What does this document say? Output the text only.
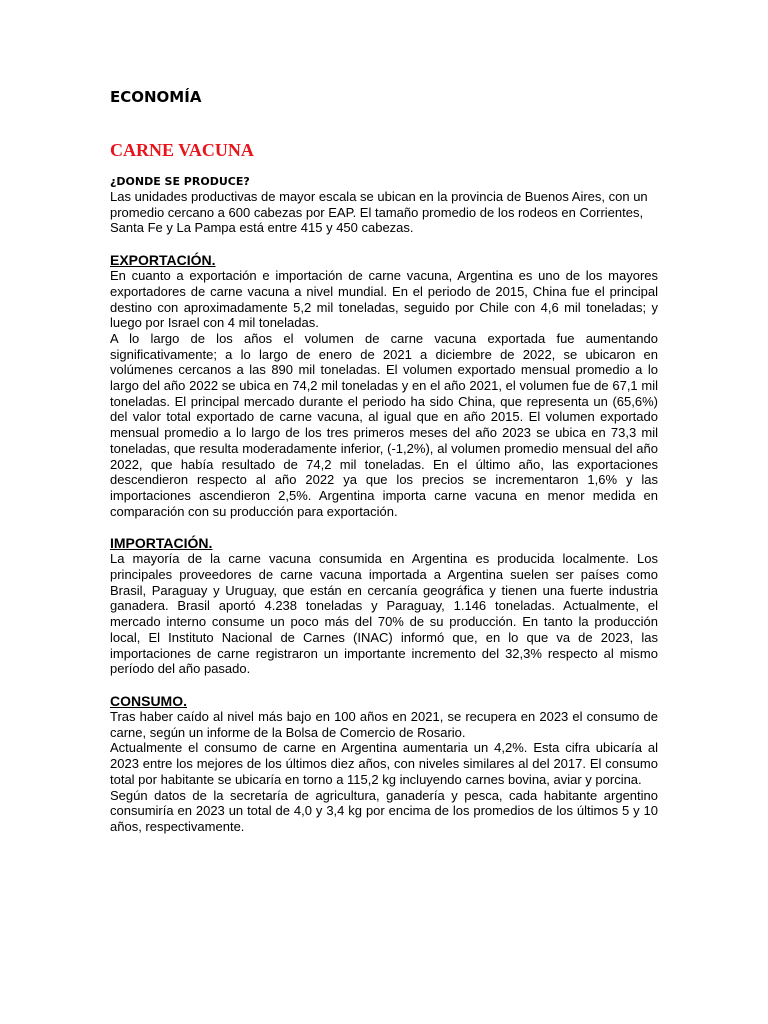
ECONOMÍA
CARNE VACUNA
¿DONDE SE PRODUCE?

Las unidades productivas de mayor escala se ubican en la provincia de Buenos Aires, con un promedio cercano a 600 cabezas por EAP. El tamaño promedio de los rodeos en Corrientes, Santa Fe y La Pampa está entre 415 y 450 cabezas.

EXPORTACIÓN.

En cuanto a exportación e importación de carne vacuna, Argentina es uno de los mayores exportadores de carne vacuna a nivel mundial. En el periodo de 2015, China fue el principal destino con aproximadamente 5,2 mil toneladas, seguido por Chile con 4,6 mil toneladas; y luego por Israel con 4 mil toneladas.

A lo largo de los años el volumen de carne vacuna exportada fue aumentando significativamente; a lo largo de enero de 2021 a diciembre de 2022, se ubicaron en volúmenes cercanos a las 890 mil toneladas. El volumen exportado mensual promedio a lo largo del año 2022 se ubica en 74,2 mil toneladas y en el año 2021, el volumen fue de 67,1 mil toneladas. El principal mercado durante el periodo ha sido China, que representa un (65,6%) del valor total exportado de carne vacuna, al igual que en año 2015. El volumen exportado mensual promedio a lo largo de los tres primeros meses del año 2023 se ubica en 73,3 mil toneladas, que resulta moderadamente inferior, (-1,2%), al volumen promedio mensual del año 2022, que había resultado de 74,2 mil toneladas. En el último año, las exportaciones descendieron respecto al año 2022 ya que los precios se incrementaron 1,6% y las importaciones ascendieron 2,5%. Argentina importa carne vacuna en menor medida en comparación con su producción para exportación.

IMPORTACIÓN.

La mayoría de la carne vacuna consumida en Argentina es producida localmente. Los principales proveedores de carne vacuna importada a Argentina suelen ser países como Brasil, Paraguay y Uruguay, que están en cercanía geográfica y tienen una fuerte industria ganadera. Brasil aportó 4.238 toneladas y Paraguay, 1.146 toneladas. Actualmente, el mercado interno consume un poco más del 70% de su producción. En tanto la producción local, El Instituto Nacional de Carnes (INAC) informó que, en lo que va de 2023, las importaciones de carne registraron un importante incremento del 32,3% respecto al mismo período del año pasado.

CONSUMO.

Tras haber caído al nivel más bajo en 100 años en 2021, se recupera en 2023 el consumo de carne, según un informe de la Bolsa de Comercio de Rosario.

Actualmente el consumo de carne en Argentina aumentaria un 4,2%. Esta cifra ubicaría al 2023 entre los mejores de los últimos diez años, con niveles similares al del 2017. El consumo total por habitante se ubicaría en torno a 115,2 kg incluyendo carnes bovina, aviar y porcina.

Según datos de la secretaría de agricultura, ganadería y pesca, cada habitante argentino consumiría en 2023 un total de 4,0 y 3,4 kg por encima de los promedios de los últimos 5 y 10 años, respectivamente.
